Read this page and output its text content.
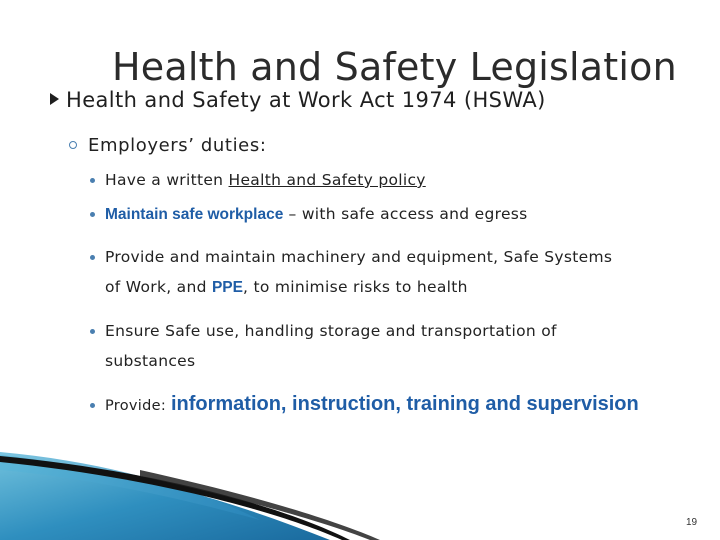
Health and Safety Legislation
Health and Safety at Work Act 1974 (HSWA)
Employers’ duties:
Have a written Health and Safety policy
Maintain safe workplace – with safe access and egress
Provide and maintain machinery and equipment, Safe Systems
of Work, and PPE, to minimise risks to health
Ensure Safe use, handling storage and transportation of
substances
Provide: information, instruction, training and supervision
19
